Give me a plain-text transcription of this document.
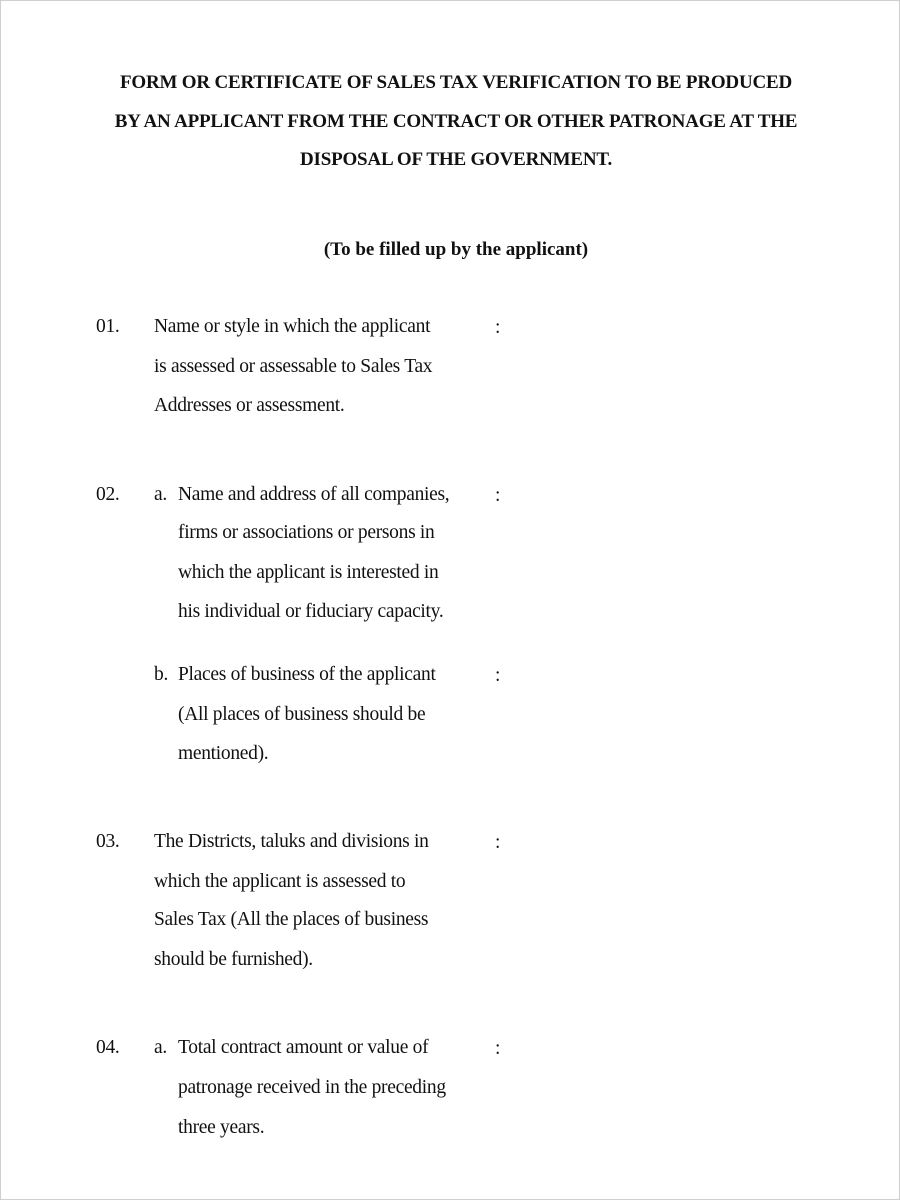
FORM OR CERTIFICATE OF SALES TAX VERIFICATION TO BE PRODUCED
BY AN APPLICANT FROM THE CONTRACT OR OTHER PATRONAGE AT THE
DISPOSAL OF THE GOVERNMENT.
(To be filled up by the applicant)
01. Name or style in which the applicant
is assessed or assessable to Sales Tax
Addresses or assessment.
:
02. a. Name and address of all companies,
firms or associations or persons in
which the applicant is interested in
his individual or fiduciary capacity.
:
b. Places of business of the applicant
(All places of business should be
mentioned).
:
03. The Districts, taluks and divisions in
which the applicant is assessed to
Sales Tax (All the places of business
should be furnished).
:
04. a. Total contract amount or value of
patronage received in the preceding
three years.
:
